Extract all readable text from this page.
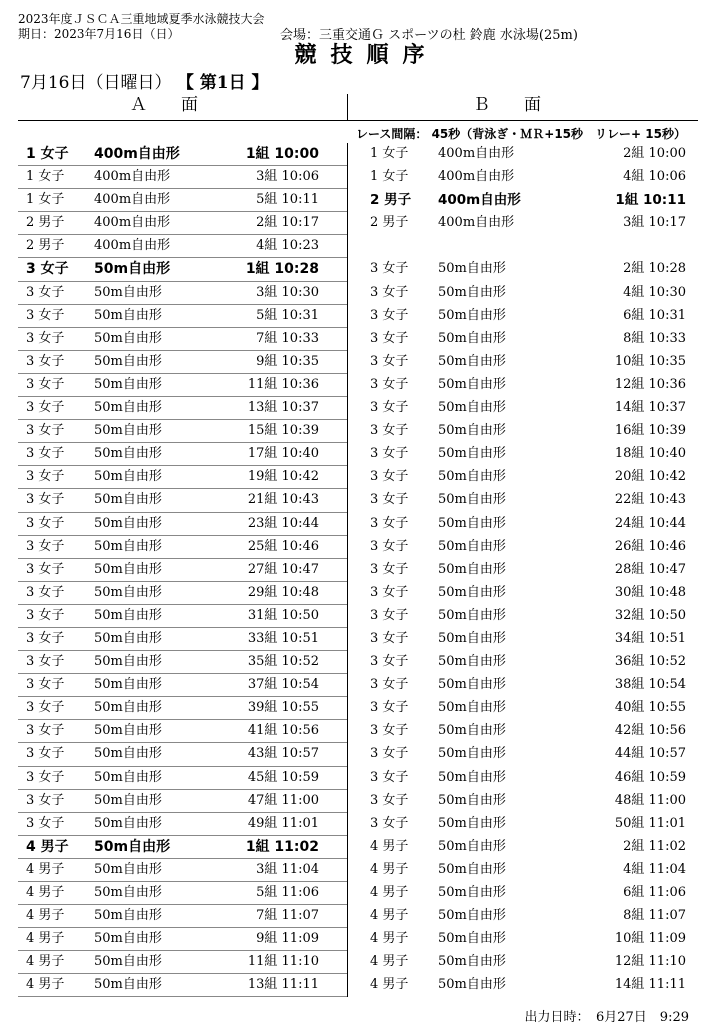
2023年度ＪＳＣＡ三重地域夏季水泳競技大会
期日：2023年7月16日（日）	会場：三重交通Ｇ スポーツの杜 鈴鹿 水泳場(25m)
競技順序
7月16日（日曜日） 【 第1日 】
Ａ　　面	Ｂ　　面
レース間隔： 45秒（背泳ぎ・ＭＲ+15秒　リレー+ 15秒）
1 女子 400m自由形	1組 10:00
1 女子 400m自由形	3組 10:06
1 女子 400m自由形	5組 10:11
2 男子 400m自由形	2組 10:17
2 男子 400m自由形	4組 10:23
3 女子 50m自由形	1組 10:28
3 女子 50m自由形	3組 10:30
3 女子 50m自由形	5組 10:31
3 女子 50m自由形	7組 10:33
3 女子 50m自由形	9組 10:35
3 女子 50m自由形	11組 10:36
3 女子 50m自由形	13組 10:37
3 女子 50m自由形	15組 10:39
3 女子 50m自由形	17組 10:40
3 女子 50m自由形	19組 10:42
3 女子 50m自由形	21組 10:43
3 女子 50m自由形	23組 10:44
3 女子 50m自由形	25組 10:46
3 女子 50m自由形	27組 10:47
3 女子 50m自由形	29組 10:48
3 女子 50m自由形	31組 10:50
3 女子 50m自由形	33組 10:51
3 女子 50m自由形	35組 10:52
3 女子 50m自由形	37組 10:54
3 女子 50m自由形	39組 10:55
3 女子 50m自由形	41組 10:56
3 女子 50m自由形	43組 10:57
3 女子 50m自由形	45組 10:59
3 女子 50m自由形	47組 11:00
3 女子 50m自由形	49組 11:01
4 男子 50m自由形	1組 11:02
4 男子 50m自由形	3組 11:04
4 男子 50m自由形	5組 11:06
4 男子 50m自由形	7組 11:07
4 男子 50m自由形	9組 11:09
4 男子 50m自由形	11組 11:10
4 男子 50m自由形	13組 11:11
1 女子 400m自由形	2組 10:00
1 女子 400m自由形	4組 10:06
2 男子 400m自由形	1組 10:11
2 男子 400m自由形	3組 10:17
3 女子 50m自由形	2組 10:28
3 女子 50m自由形	4組 10:30
3 女子 50m自由形	6組 10:31
3 女子 50m自由形	8組 10:33
3 女子 50m自由形	10組 10:35
3 女子 50m自由形	12組 10:36
3 女子 50m自由形	14組 10:37
3 女子 50m自由形	16組 10:39
3 女子 50m自由形	18組 10:40
3 女子 50m自由形	20組 10:42
3 女子 50m自由形	22組 10:43
3 女子 50m自由形	24組 10:44
3 女子 50m自由形	26組 10:46
3 女子 50m自由形	28組 10:47
3 女子 50m自由形	30組 10:48
3 女子 50m自由形	32組 10:50
3 女子 50m自由形	34組 10:51
3 女子 50m自由形	36組 10:52
3 女子 50m自由形	38組 10:54
3 女子 50m自由形	40組 10:55
3 女子 50m自由形	42組 10:56
3 女子 50m自由形	44組 10:57
3 女子 50m自由形	46組 10:59
3 女子 50m自由形	48組 11:00
3 女子 50m自由形	50組 11:01
4 男子 50m自由形	2組 11:02
4 男子 50m自由形	4組 11:04
4 男子 50m自由形	6組 11:06
4 男子 50m自由形	8組 11:07
4 男子 50m自由形	10組 11:09
4 男子 50m自由形	12組 11:10
4 男子 50m自由形	14組 11:11
出力日時：　6月27日　9:29
